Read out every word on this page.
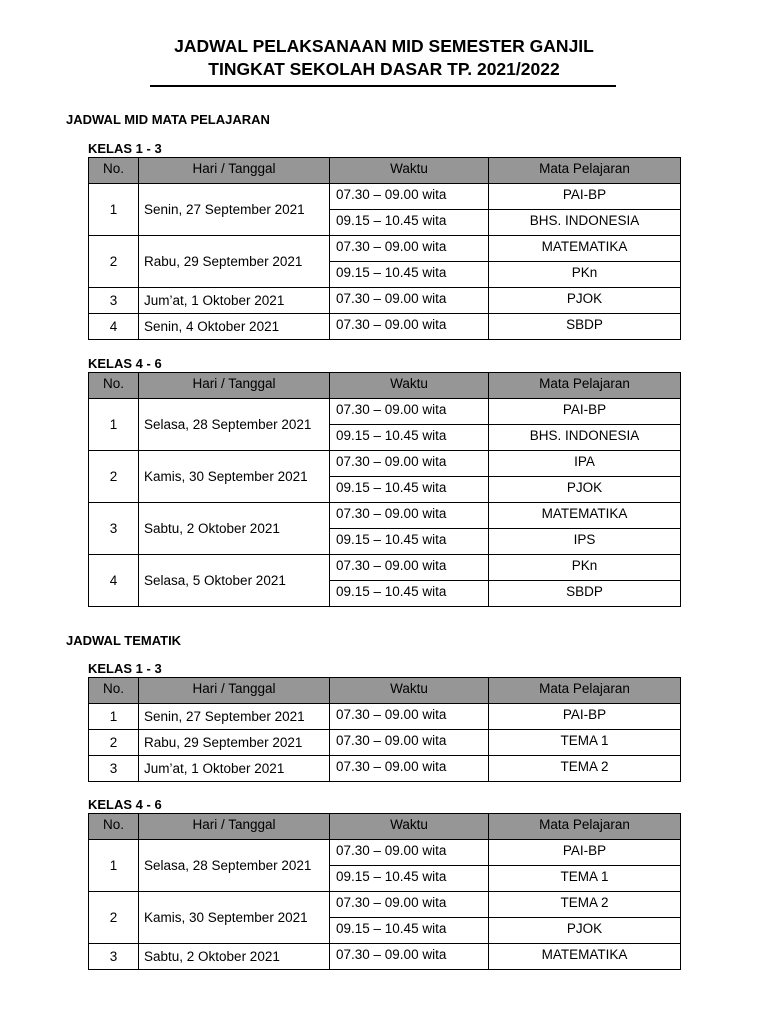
JADWAL PELAKSANAAN MID SEMESTER GANJIL
TINGKAT SEKOLAH DASAR TP. 2021/2022
JADWAL MID MATA PELAJARAN
KELAS 1 - 3
No.	Hari / Tanggal	Waktu	Mata Pelajaran
1	Senin, 27 September 2021	07.30 – 09.00 wita	PAI-BP
		09.15 – 10.45 wita	BHS. INDONESIA
2	Rabu, 29 September 2021	07.30 – 09.00 wita	MATEMATIKA
		09.15 – 10.45 wita	PKn
3	Jum’at, 1 Oktober 2021	07.30 – 09.00 wita	PJOK
4	Senin, 4 Oktober 2021	07.30 – 09.00 wita	SBDP
KELAS 4 - 6
No.	Hari / Tanggal	Waktu	Mata Pelajaran
1	Selasa, 28 September 2021	07.30 – 09.00 wita	PAI-BP
		09.15 – 10.45 wita	BHS. INDONESIA
2	Kamis, 30 September 2021	07.30 – 09.00 wita	IPA
		09.15 – 10.45 wita	PJOK
3	Sabtu, 2 Oktober 2021	07.30 – 09.00 wita	MATEMATIKA
		09.15 – 10.45 wita	IPS
4	Selasa, 5 Oktober 2021	07.30 – 09.00 wita	PKn
		09.15 – 10.45 wita	SBDP
JADWAL TEMATIK
KELAS 1 - 3
No.	Hari / Tanggal	Waktu	Mata Pelajaran
1	Senin, 27 September 2021	07.30 – 09.00 wita	PAI-BP
2	Rabu, 29 September 2021	07.30 – 09.00 wita	TEMA 1
3	Jum’at, 1 Oktober 2021	07.30 – 09.00 wita	TEMA 2
KELAS 4 - 6
No.	Hari / Tanggal	Waktu	Mata Pelajaran
1	Selasa, 28 September 2021	07.30 – 09.00 wita	PAI-BP
		09.15 – 10.45 wita	TEMA 1
2	Kamis, 30 September 2021	07.30 – 09.00 wita	TEMA 2
		09.15 – 10.45 wita	PJOK
3	Sabtu, 2 Oktober 2021	07.30 – 09.00 wita	MATEMATIKA
